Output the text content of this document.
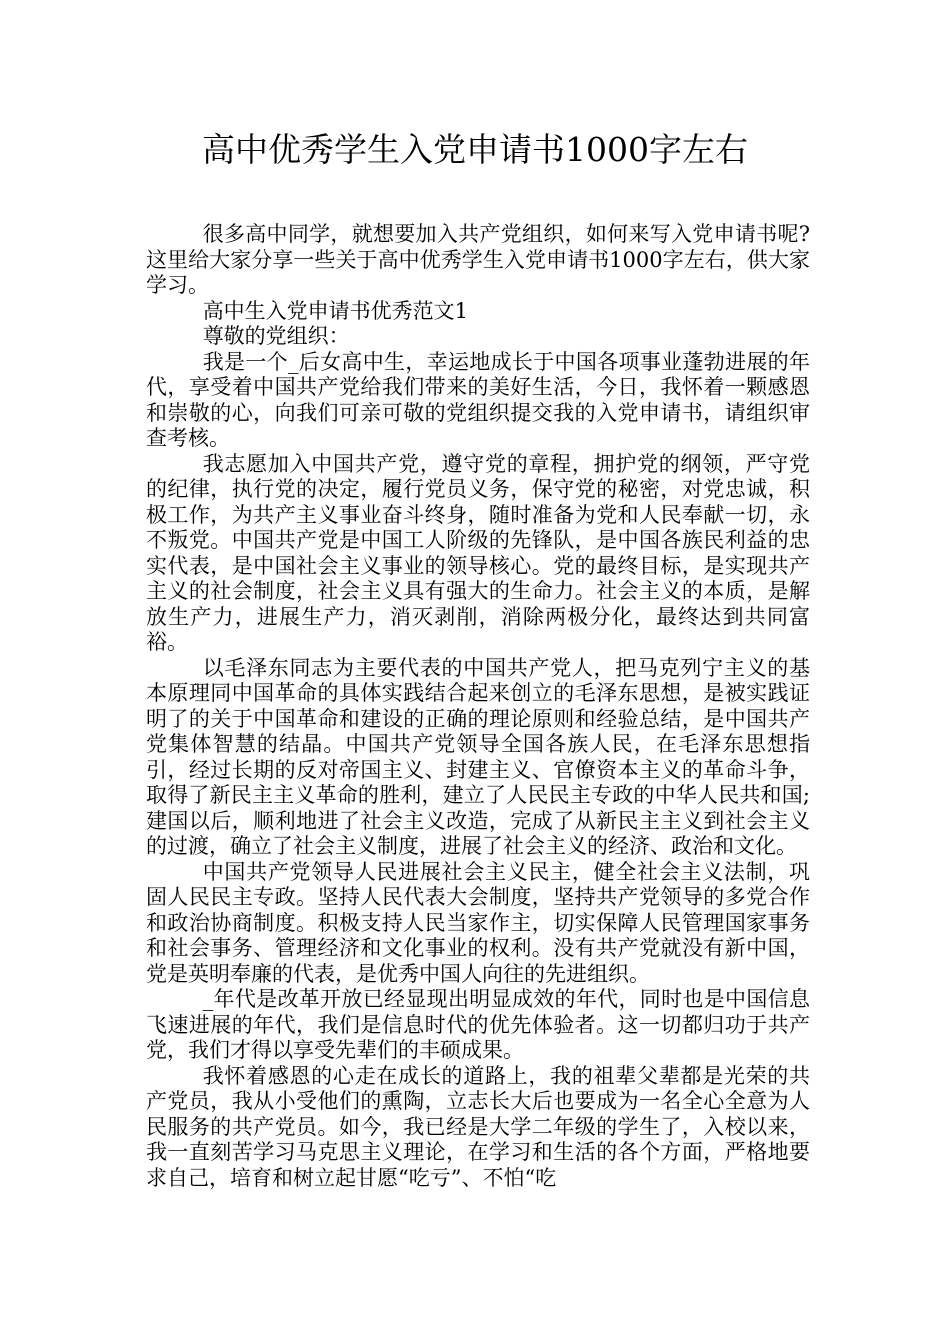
高中优秀学生入党申请书1000字左右

很多高中同学，就想要加入共产党组织，如何来写入党申请书呢?这里给大家分享一些关于高中优秀学生入党申请书1000字左右，供大家学习。

高中生入党申请书优秀范文1

尊敬的党组织：

我是一个_后女高中生，幸运地成长于中国各项事业蓬勃进展的年代，享受着中国共产党给我们带来的美好生活，今日，我怀着一颗感恩和崇敬的心，向我们可亲可敬的党组织提交我的入党申请书，请组织审查考核。

我志愿加入中国共产党，遵守党的章程，拥护党的纲领，严守党的纪律，执行党的决定，履行党员义务，保守党的秘密，对党忠诚，积极工作，为共产主义事业奋斗终身，随时准备为党和人民奉献一切，永不叛党。中国共产党是中国工人阶级的先锋队，是中国各族民利益的忠实代表，是中国社会主义事业的领导核心。党的最终目标，是实现共产主义的社会制度，社会主义具有强大的生命力。社会主义的本质，是解放生产力，进展生产力，消灭剥削，消除两极分化，最终达到共同富裕。

以毛泽东同志为主要代表的中国共产党人，把马克列宁主义的基本原理同中国革命的具体实践结合起来创立的毛泽东思想，是被实践证明了的关于中国革命和建设的正确的理论原则和经验总结，是中国共产党集体智慧的结晶。中国共产党领导全国各族人民，在毛泽东思想指引，经过长期的反对帝国主义、封建主义、官僚资本主义的革命斗争，取得了新民主主义革命的胜利，建立了人民民主专政的中华人民共和国;建国以后，顺利地进了社会主义改造，完成了从新民主主义到社会主义的过渡，确立了社会主义制度，进展了社会主义的经济、政治和文化。

中国共产党领导人民进展社会主义民主，健全社会主义法制，巩固人民民主专政。坚持人民代表大会制度，坚持共产党领导的多党合作和政治协商制度。积极支持人民当家作主，切实保障人民管理国家事务和社会事务、管理经济和文化事业的权利。没有共产党就没有新中国，党是英明奉廉的代表，是优秀中国人向往的先进组织。

_年代是改革开放已经显现出明显成效的年代，同时也是中国信息飞速进展的年代，我们是信息时代的优先体验者。这一切都归功于共产党，我们才得以享受先辈们的丰硕成果。

我怀着感恩的心走在成长的道路上，我的祖辈父辈都是光荣的共产党员，我从小受他们的熏陶，立志长大后也要成为一名全心全意为人民服务的共产党员。如今，我已经是大学二年级的学生了，入校以来，我一直刻苦学习马克思主义理论，在学习和生活的各个方面，严格地要求自己，培育和树立起甘愿“吃亏”、不怕“吃
